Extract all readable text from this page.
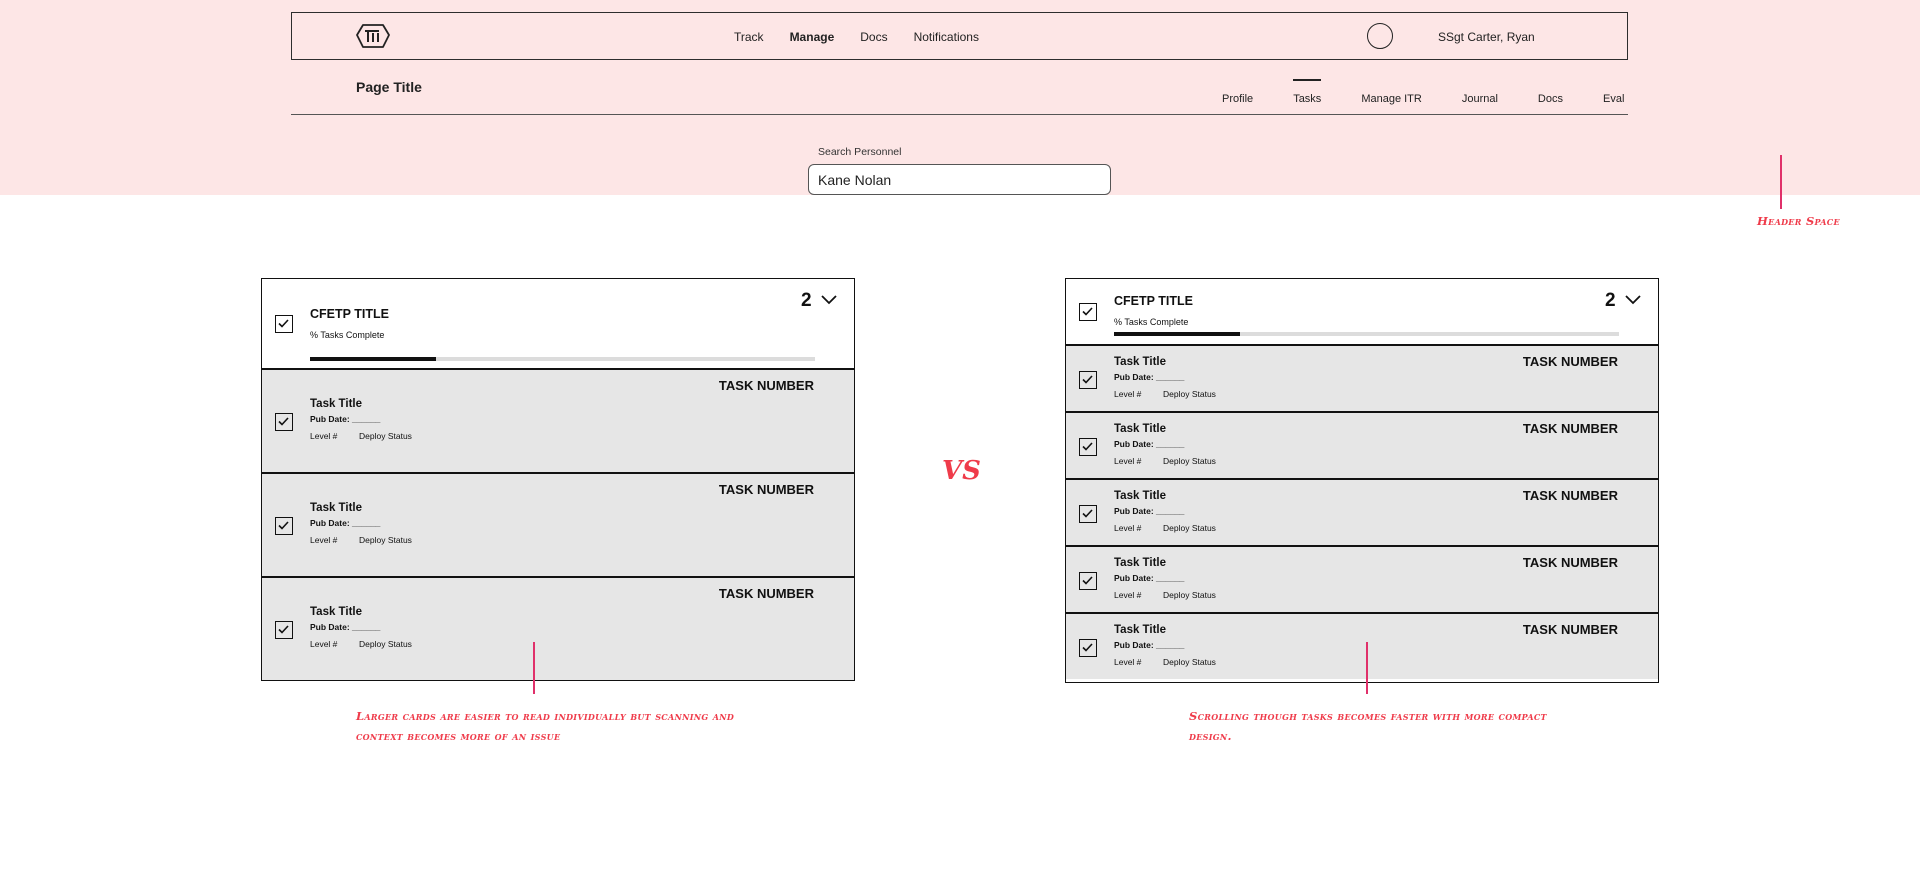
Track Manage Docs Notifications	SSgt Carter, Ryan
Page Title
Profile	Tasks	Manage ITR	Journal	Docs	Eval
Search Personnel
Kane Nolan
Header Space
VS
CFETP TITLE
% Tasks Complete
2
Task Title
Pub Date: ______
Level #	Deploy Status
TASK NUMBER
Task Title
Pub Date: ______
Level #	Deploy Status
TASK NUMBER
Task Title
Pub Date: ______
Level #	Deploy Status
TASK NUMBER
Larger cards are easier to read individually but scanning and context becomes more of an issue
CFETP TITLE
% Tasks Complete
2
Task Title
Pub Date: ______
Level #	Deploy Status
TASK NUMBER
Task Title
Pub Date: ______
Level #	Deploy Status
TASK NUMBER
Task Title
Pub Date: ______
Level #	Deploy Status
TASK NUMBER
Task Title
Pub Date: ______
Level #	Deploy Status
TASK NUMBER
Task Title
Pub Date: ______
Level #	Deploy Status
TASK NUMBER
Scrolling though tasks becomes faster with more compact design.
